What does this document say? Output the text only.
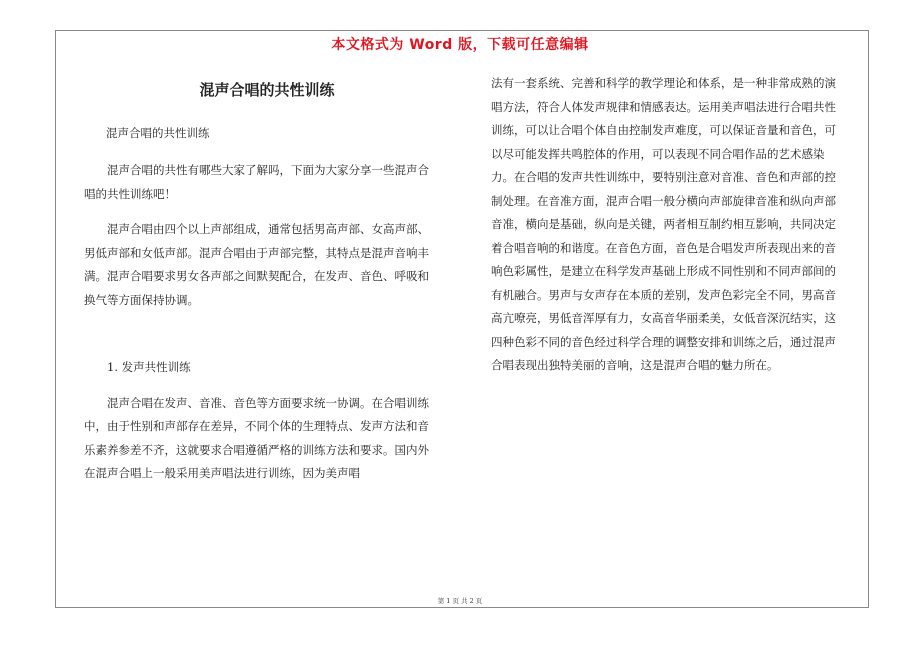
本文格式为 Word 版，下载可任意编辑
混声合唱的共性训练

混声合唱的共性训练

混声合唱的共性有哪些大家了解吗，下面为大家分享一些混声合唱的共性训练吧！

混声合唱由四个以上声部组成，通常包括男高声部、女高声部、男低声部和女低声部。混声合唱由于声部完整，其特点是混声音响丰满。混声合唱要求男女各声部之间默契配合，在发声、音色、呼吸和换气等方面保持协调。

1. 发声共性训练

混声合唱在发声、音准、音色等方面要求统一协调。在合唱训练中，由于性别和声部存在差异，不同个体的生理特点、发声方法和音乐素养参差不齐，这就要求合唱遵循严格的训练方法和要求。国内外在混声合唱上一般采用美声唱法进行训练，因为美声唱

法有一套系统、完善和科学的教学理论和体系，是一种非常成熟的演唱方法，符合人体发声规律和情感表达。运用美声唱法进行合唱共性训练，可以让合唱个体自由控制发声难度，可以保证音量和音色，可以尽可能发挥共鸣腔体的作用，可以表现不同合唱作品的艺术感染力。在合唱的发声共性训练中，要特别注意对音准、音色和声部的控制处理。在音准方面，混声合唱一般分横向声部旋律音准和纵向声部音准，横向是基础，纵向是关键，两者相互制约相互影响，共同决定着合唱音响的和谐度。在音色方面，音色是合唱发声所表现出来的音响色彩属性，是建立在科学发声基础上形成不同性别和不同声部间的有机融合。男声与女声存在本质的差别，发声色彩完全不同，男高音高亢嘹亮，男低音浑厚有力，女高音华丽柔美，女低音深沉结实，这四种色彩不同的音色经过科学合理的调整安排和训练之后，通过混声合唱表现出独特美丽的音响，这是混声合唱的魅力所在。

第 1 页 共 2 页
